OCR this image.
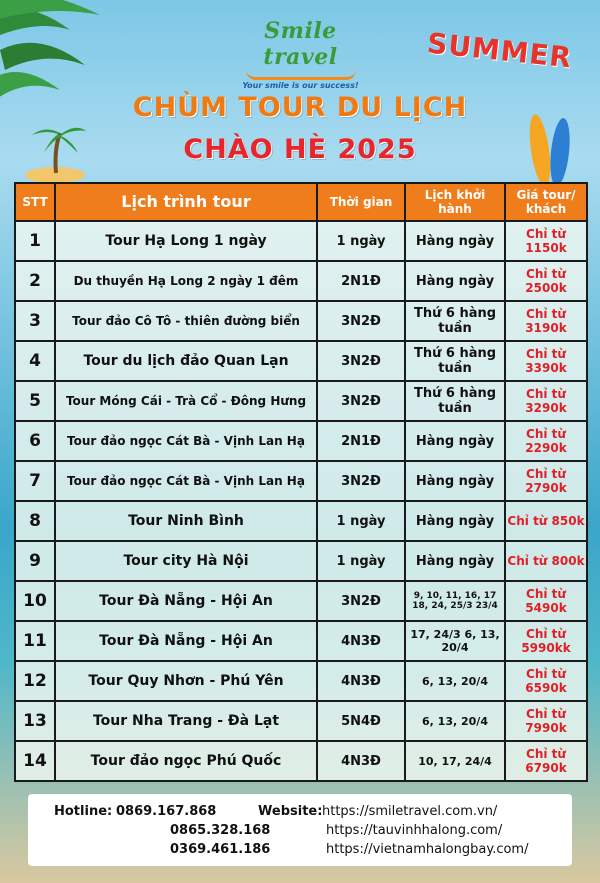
Smile travel
Your smile is our success!
SUMMER
CHÙM TOUR DU LỊCH
CHÀO HÈ 2025
STT	Lịch trình tour	Thời gian	Lịch khởi hành	Giá tour/ khách
1	Tour Hạ Long 1 ngày	1 ngày	Hàng ngày	Chỉ từ 1150k
2	Du thuyền Hạ Long 2 ngày 1 đêm	2N1Đ	Hàng ngày	Chỉ từ 2500k
3	Tour đảo Cô Tô - thiên đường biển	3N2Đ	Thứ 6 hàng tuần	Chỉ từ 3190k
4	Tour du lịch đảo Quan Lạn	3N2Đ	Thứ 6 hàng tuần	Chỉ từ 3390k
5	Tour Móng Cái - Trà Cổ - Đông Hưng	3N2Đ	Thứ 6 hàng tuần	Chỉ từ 3290k
6	Tour đảo ngọc Cát Bà - Vịnh Lan Hạ	2N1Đ	Hàng ngày	Chỉ từ 2290k
7	Tour đảo ngọc Cát Bà - Vịnh Lan Hạ	3N2Đ	Hàng ngày	Chỉ từ 2790k
8	Tour Ninh Bình	1 ngày	Hàng ngày	Chỉ từ 850k
9	Tour city Hà Nội	1 ngày	Hàng ngày	Chỉ từ 800k
10	Tour Đà Nẵng - Hội An	3N2Đ	9, 10, 11, 16, 17 18, 24, 25/3 23/4	Chỉ từ 5490k
11	Tour Đà Nẵng - Hội An	4N3Đ	17, 24/3 6, 13, 20/4	Chỉ từ 5990kk
12	Tour Quy Nhơn - Phú Yên	4N3Đ	6, 13, 20/4	Chỉ từ 6590k
13	Tour Nha Trang - Đà Lạt	5N4Đ	6, 13, 20/4	Chỉ từ 7990k
14	Tour đảo ngọc Phú Quốc	4N3Đ	10, 17, 24/4	Chỉ từ 6790k
Hotline: 0869.167.868
0865.328.168
0369.461.186
Website: https://smiletravel.com.vn/
https://tauvinhhalong.com/
https://vietnamhalongbay.com/
